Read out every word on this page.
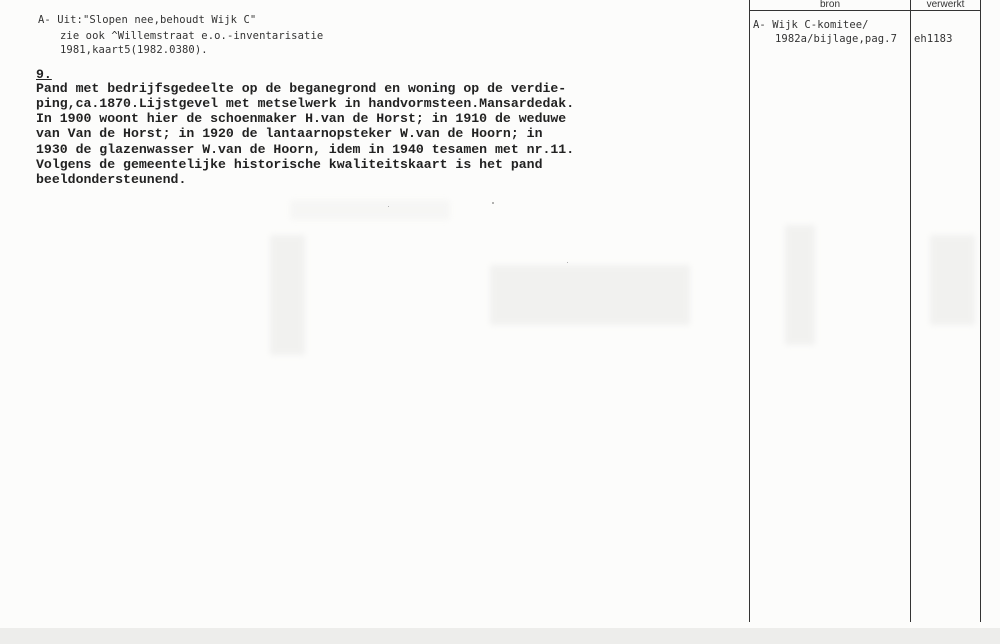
bron	verwerkt
A- Uit:"Slopen nee,behoudt Wijk C"
zie ook ^Willemstraat e.o.-inventarisatie
1981,kaart5(1982.0380).
A- Wijk C-komitee/
1982a/bijlage,pag.7 eh1183
9.
Pand met bedrijfsgedeelte op de beganegrond en woning op de verdie-
ping,ca.1870.Lijstgevel met metselwerk in handvormsteen.Mansardedak.
In 1900 woont hier de schoenmaker H.van de Horst; in 1910 de weduwe
van Van de Horst; in 1920 de lantaarnopsteker W.van de Hoorn; in
1930 de glazenwasser W.van de Hoorn, idem in 1940 tesamen met nr.11.
Volgens de gemeentelijke historische kwaliteitskaart is het pand
beeldondersteunend.
